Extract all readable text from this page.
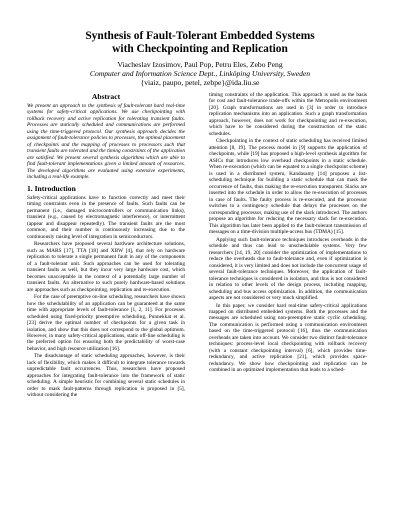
Synthesis of Fault-Tolerant Embedded Systems
with Checkpointing and Replication
Viacheslav Izosimov, Paul Pop, Petru Eles, Zebo Peng
Computer and Information Science Dept., Linköping University, Sweden
{viaiz, paupo, petel, zebpe}@ida.liu.se
Abstract
We present an approach to the synthesis of fault-tolerant hard real-time systems for safety-critical applications. We use checkpointing with rollback recovery and active replication for tolerating transient faults. Processes are statically scheduled and communications are performed using the time-triggered protocol. Our synthesis approach decides the assignment of fault-tolerance policies to processes, the optimal placement of checkpoints and the mapping of processes to processors such that transient faults are tolerated and the timing constraints of the application are satisfied. We present several synthesis algorithms which are able to find fault-tolerant implementations given a limited amount of resources. The developed algorithms are evaluated using extensive experiments, including a real-life example.
1. Introduction

Safety-critical applications have to function correctly and meet their timing constraints even in the presence of faults. Such faults can be permanent (i.e., damaged microcontrollers or communication links), transient (e.g., caused by electromagnetic interference), or intermittent (appear and disappear repeatedly). The transient faults are the most common, and their number is continuously increasing due to the continuously raising level of integration in semiconductors.

Researchers have proposed several hardware architecture solutions, such as MARS [17], TTA [18] and XBW [4], that rely on hardware replication to tolerate a single permanent fault in any of the components of a fault-tolerant unit. Such approaches can be used for tolerating transient faults as well, but they incur very large hardware cost, which becomes unacceptable in the context of a potentially large number of transient faults. An alternative to such purely hardware-based solutions are approaches such as checkpointing, replication and re-execution.

For the case of preemptive on-line scheduling, researchers have shown how the schedulability of an application can be guaranteed at the same time with appropriate levels of fault-tolerance [1, 2, 11]. For processes scheduled using fixed-priority preemptive scheduling, Punnekkat et al. [23] derive the optimal number of checkpoints for a given task in isolation, and show that this does not correspond to the global optimum. However, in many safety-critical applications, static off-line scheduling is the preferred option for ensuring both the predictability of worst-case behavior, and high resource utilization [16].

The disadvantage of static scheduling approaches, however, is their lack of flexibility, which makes it difficult to integrate tolerance towards unpredictable fault occurrences. Thus, researchers have proposed approaches for integrating fault-tolerance into the framework of static scheduling. A simple heuristic for combining several static schedules in order to mask fault-patterns through replication is proposed in [5], without considering the

timing constraints of the application. This approach is used as the basis for cost and fault-tolerance trade-offs within the Metropolis environment [20]. Graph transformations are used in [3] in order to introduce replication mechanisms into an application. Such a graph transformation approach, however, does not work for checkpointing and re-execution, which have to be considered during the construction of the static schedules.

Checkpointing in the context of static scheduling has received limited attention [8, 19]. The process model in [9] supports the application of checkpoints, while [19] has proposed a high-level synthesis algorithm for ASICs that introduces low overhead checkpoints in a static schedule. When re-execution (which can be equated to a single checkpoint scheme) is used in a distributed system, Kandasamy [14] proposes a list-scheduling technique for building a static schedule that can mask the occurrence of faults, thus making the re-execution transparent. Slacks are inserted into the schedule in order to allow the re-execution of processes in case of faults. The faulty process is re-executed, and the processor switches to a contingency schedule that delays the processes on the corresponding processor, making use of the slack introduced. The authors propose an algorithm for reducing the necessary slack for re-execution. This algorithm has later been applied to the fault-tolerant transmission of messages on a time-division multiple-access bus (TDMA) [15].

Applying such fault-tolerance techniques introduces overheads in the schedule and thus can lead to unschedulable systems. Very few researchers [14, 19, 20] consider the optimization of implementations to reduce the overheads due to fault-tolerance and, even if optimization is considered, it is very limited and does not include the concurrent usage of several fault-tolerance techniques. Moreover, the application of fault-tolerance techniques is considered in isolation, and thus is not considered in relation to other levels of the design process, including mapping, scheduling and bus access optimization. In addition, the communication aspects are not considered or very much simplified.

In this paper, we consider hard real-time safety-critical applications mapped on distributed embedded systems. Both the processes and the messages are scheduled using non-preemptive static cyclic scheduling. The communication is performed using a communication environment based on the time-triggered protocol [16], thus the communication overheads are taken into account. We consider two distinct fault-tolerance techniques: process-level local checkpointing with rollback recovery (with a constant checkpointing interval) [6], which provides time-redundancy, and active replication [21], which provides space-redundancy. We show how checkpointing and replication can be combined in an optimized implementation that leads to a sched-
